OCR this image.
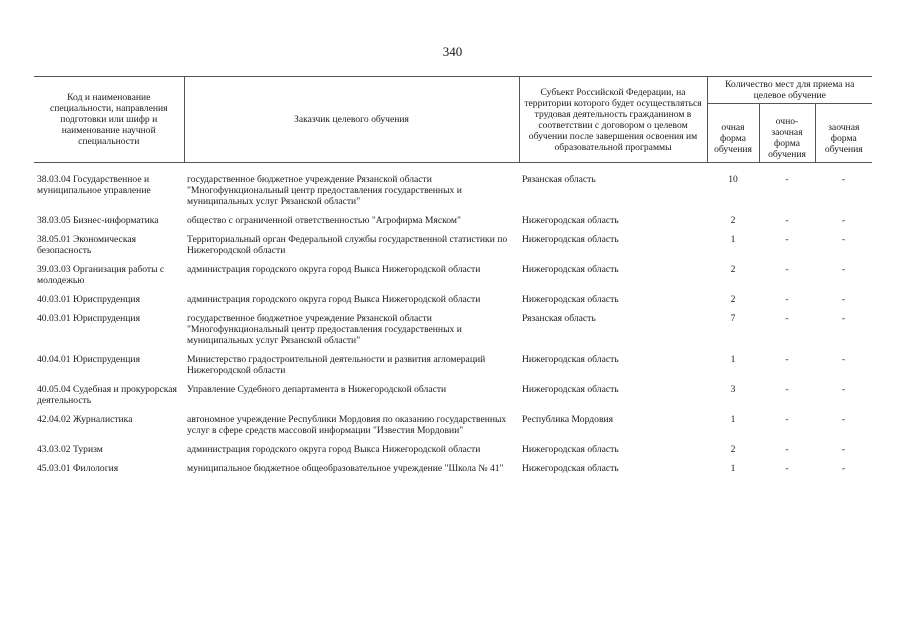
340
Код и наименование специальности, направления подготовки или шифр и наименование научной специальности	Заказчик целевого обучения	Субъект Российской Федерации, на территории которого будет осуществляться трудовая деятельность гражданином в соответствии с договором о целевом обучении после завершения освоения им образовательной программы	Количество мест для приема на целевое обучение		
			очная форма обучения	очно-заочная форма обучения	заочная форма обучения
38.03.04 Государственное и муниципальное управление	государственное бюджетное учреждение Рязанской области "Многофункциональный центр предоставления государственных и муниципальных услуг Рязанской области"	Рязанская область	10	-	-
38.03.05 Бизнес-информатика	общество с ограниченной ответственностью "Агрофирма Мяском"	Нижегородская область	2	-	-
38.05.01 Экономическая безопасность	Территориальный орган Федеральной службы государственной статистики по Нижегородской области	Нижегородская область	1	-	-
39.03.03 Организация работы с молодежью	администрация городского округа город Выкса Нижегородской области	Нижегородская область	2	-	-
40.03.01 Юриспруденция	администрация городского округа город Выкса Нижегородской области	Нижегородская область	2	-	-
40.03.01 Юриспруденция	государственное бюджетное учреждение Рязанской области "Многофункциональный центр предоставления государственных и муниципальных услуг Рязанской области"	Рязанская область	7	-	-
40.04.01 Юриспруденция	Министерство градостроительной деятельности и развития агломераций Нижегородской области	Нижегородская область	1	-	-
40.05.04 Судебная и прокурорская деятельность	Управление Судебного департамента в Нижегородской области	Нижегородская область	3	-	-
42.04.02 Журналистика	автономное учреждение Республики Мордовия по оказанию государственных услуг в сфере средств массовой информации "Известия Мордовии"	Республика Мордовия	1	-	-
43.03.02 Туризм	администрация городского округа город Выкса Нижегородской области	Нижегородская область	2	-	-
45.03.01 Филология	муниципальное бюджетное общеобразовательное учреждение "Школа № 41"	Нижегородская область	1	-	-
